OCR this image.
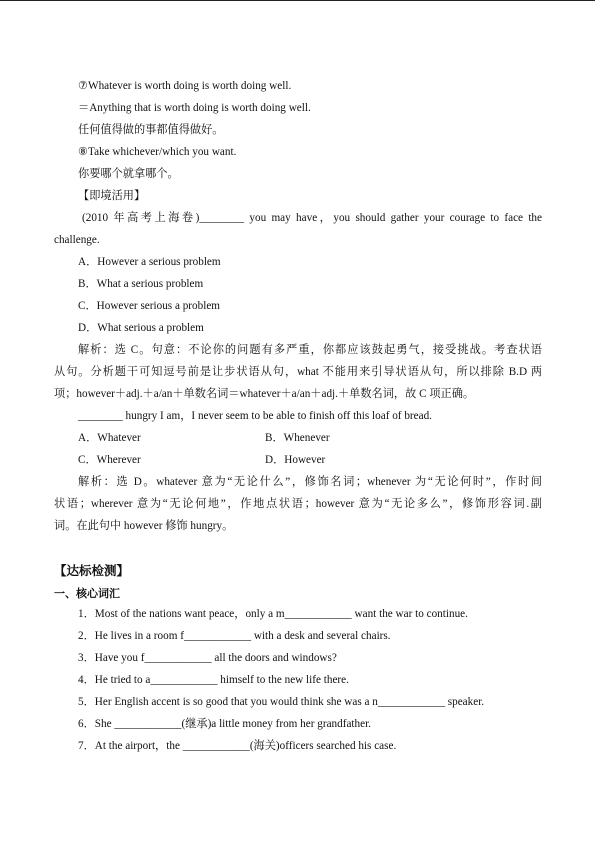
⑦Whatever is worth doing is worth doing well.
＝Anything that is worth doing is worth doing well.
任何值得做的事都值得做好。
⑧Take whichever/which you want.
你要哪个就拿哪个。
【即境活用】
(2010 年高考上海卷)________ you may have，you should gather your courage to face the
challenge.
A．However a serious problem
B．What a serious problem
C．However serious a problem
D．What serious a problem
解析：选 C。句意：不论你的问题有多严重，你都应该鼓起勇气，接受挑战。考查状语
从句。分析题干可知逗号前是让步状语从句，what 不能用来引导状语从句，所以排除 B.D 两
项；however＋adj.＋a/an＋单数名词＝whatever＋a/an＋adj.＋单数名词，故 C 项正确。
________ hungry I am，I never seem to be able to finish off this loaf of bread.
A．Whatever	B．Whenever
C．Wherever	D．However
解析：选 D。whatever 意为“无论什么”，修饰名词；whenever 为“无论何时”，作时间
状语；wherever 意为“无论何地”，作地点状语；however 意为“无论多么”，修饰形容词.副
词。在此句中 however 修饰 hungry。
【达标检测】
一、核心词汇
1．Most of the nations want peace，only a m____________ want the war to continue.
2．He lives in a room f____________ with a desk and several chairs.
3．Have you f____________ all the doors and windows?
4．He tried to a____________ himself to the new life there.
5．Her English accent is so good that you would think she was a n____________ speaker.
6．She ____________(继承)a little money from her grandfather.
7．At the airport，the ____________(海关)officers searched his case.
